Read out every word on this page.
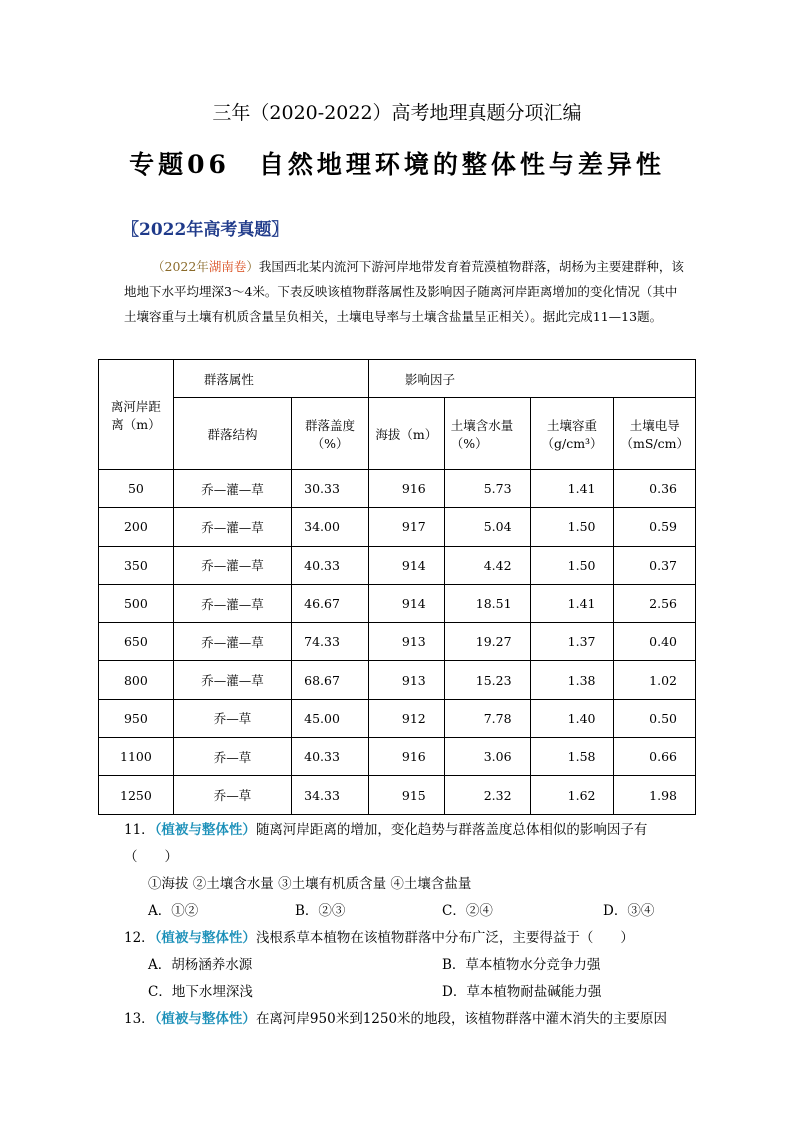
三年（2020-2022）高考地理真题分项汇编
专题06　自然地理环境的整体性与差异性
〖2022年高考真题〗
（2022年湖南卷）我国西北某内流河下游河岸地带发育着荒漠植物群落，胡杨为主要建群种，该地地下水平均埋深3～4米。下表反映该植物群落属性及影响因子随离河岸距离增加的变化情况（其中土壤容重与土壤有机质含量呈负相关，土壤电导率与土壤含盐量呈正相关）。据此完成11—13题。
离河岸距离（m）	群落属性		影响因子			
	群落结构	群落盖度（%）	海拔（m）	土壤含水量（%）	土壤容重（g/cm³）	土壤电导（mS/cm）
50	乔—灌—草	30.33	916	5.73	1.41	0.36
200	乔—灌—草	34.00	917	5.04	1.50	0.59
350	乔—灌—草	40.33	914	4.42	1.50	0.37
500	乔—灌—草	46.67	914	18.51	1.41	2.56
650	乔—灌—草	74.33	913	19.27	1.37	0.40
800	乔—灌—草	68.67	913	15.23	1.38	1.02
950	乔—草	45.00	912	7.78	1.40	0.50
1100	乔—草	40.33	916	3.06	1.58	0.66
1250	乔—草	34.33	915	2.32	1.62	1.98
11．（植被与整体性）随离河岸距离的增加，变化趋势与群落盖度总体相似的影响因子有
（　　）
①海拔 ②土壤含水量 ③土壤有机质含量 ④土壤含盐量
A．①②	B．②③	C．②④	D．③④
12．（植被与整体性）浅根系草本植物在该植物群落中分布广泛，主要得益于（　　）
A．胡杨涵养水源	B．草本植物水分竞争力强
C．地下水埋深浅	D．草本植物耐盐碱能力强
13．（植被与整体性）在离河岸950米到1250米的地段，该植物群落中灌木消失的主要原因
